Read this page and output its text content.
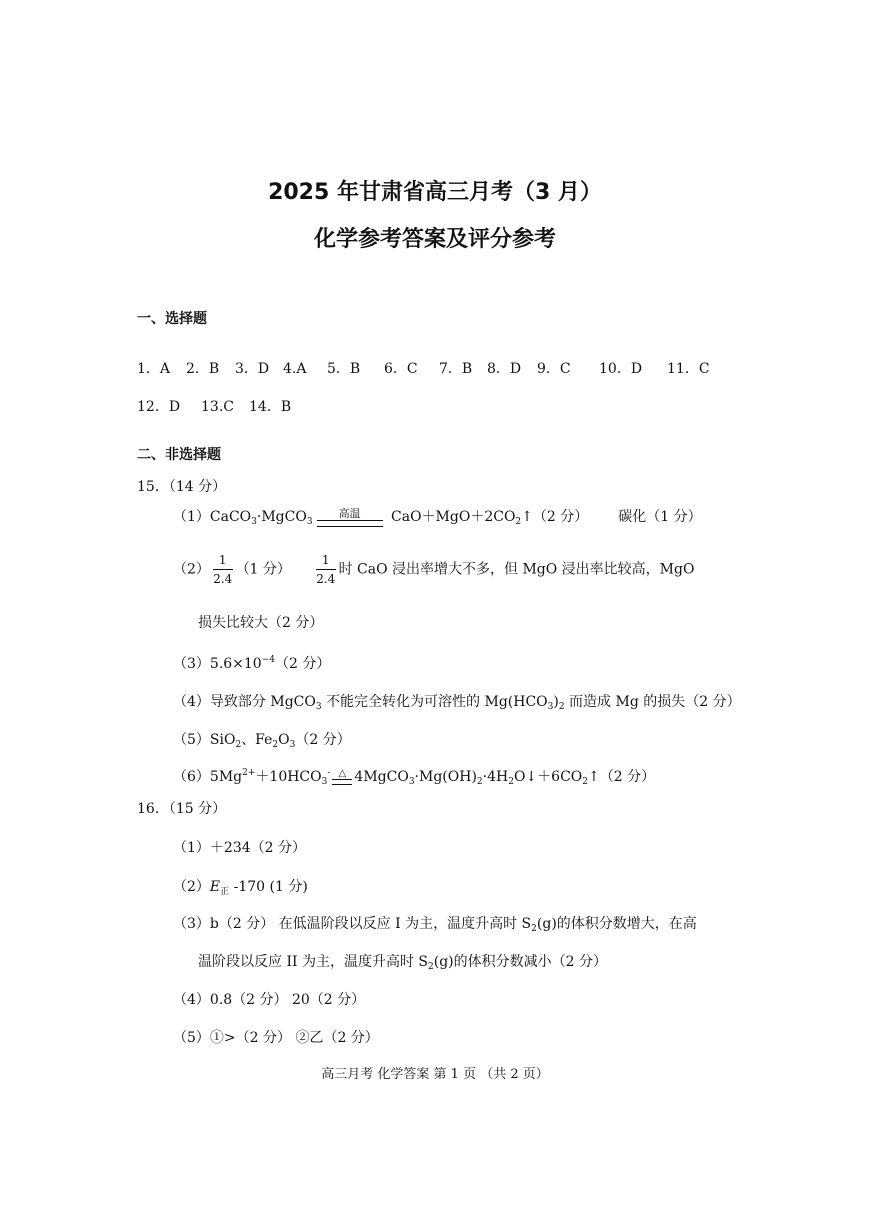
2025 年甘肃省高三月考（3 月）
化学参考答案及评分参考
一、选择题
1．A 2．B 3．D 4.A 5．B 6．C 7．B 8．D 9．C 10．D 11．C
12．D 13.C 14．B
二、非选择题
15．（14 分）
（1）CaCO$_3$·MgCO$_3$
高温 $CaO+MgO+2CO_2↑(2$ 分） 碳化（1 分）
$(2) \frac{1}{2.4} (1$ 分） $\frac{1}{2.4}$ 时 CaO 浸出率增大不多，但 MgO 浸出率比较高，MgO
损失比较大（2 分）
$(3)5.6\times 10^{-4}(2$ 分）
（4）导致部分 MgCO$_3$ 不能完全转化为可溶性的 $Mg(HCO_3)_2$ 而造成 Mg 的损失（2 分）
（5）SiO$_2$、$Fe_2O_3(2$ 分）
$(6)5Mg^{2+}+10HCO_3^-$ △ $4MgCO_3\cdot Mg(OH)_2\cdot 4H_2O↓+6CO_2↑(2$ 分）
16．（15 分）
（1）＋234（2 分）
$(2)E_正$ -170 (1 分)
（3）b（2 分） 在低温阶段以反应 I 为主，温度升高时 $S_2(g)$的体积分数增大，在高
温阶段以反应 II 为主，温度升高时 $S_2(g)$的体积分数减小（2 分）
（4）0.8（2 分） 20（2 分）
（5）①>（2 分） ②乙（2 分）
高三月考 化学答案 第 1 页 （共 2 页）
